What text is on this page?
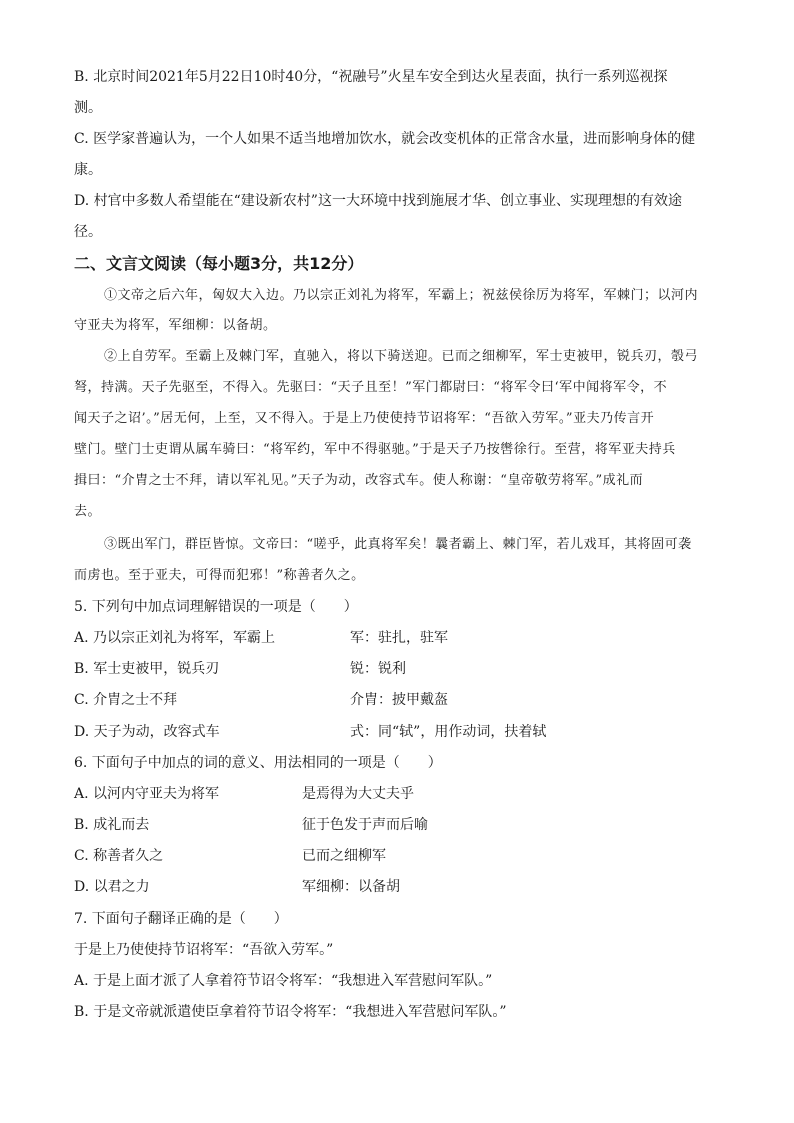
B. 北京时间2021年5月22日10时40分，“祝融号”火星车安全到达火星表面，执行一系列巡视探
测。
C. 医学家普遍认为，一个人如果不适当地增加饮水，就会改变机体的正常含水量，进而影响身体的健
康。
D. 村官中多数人希望能在“建设新农村”这一大环境中找到施展才华、创立事业、实现理想的有效途
径。
二、文言文阅读（每小题3分，共12分）
①文帝之后六年，匈奴大入边。乃以宗正刘礼为将军，军霸上；祝兹侯徐厉为将军，军棘门；以河内
守亚夫为将军，军细柳：以备胡。
②上自劳军。至霸上及棘门军，直驰入，将以下骑送迎。已而之细柳军，军士吏被甲，锐兵刃，彀弓
弩，持满。天子先驱至，不得入。先驱曰：“天子且至！”军门都尉曰：“将军令曰‘军中闻将军令，不
闻天子之诏’。”居无何，上至，又不得入。于是上乃使使持节诏将军：“吾欲入劳军。”亚夫乃传言开
壁门。壁门士吏谓从属车骑曰：“将军约，军中不得驱驰。”于是天子乃按辔徐行。至营，将军亚夫持兵
揖曰：“介胄之士不拜，请以军礼见。”天子为动，改容式车。使人称谢：“皇帝敬劳将军。”成礼而
去。
③既出军门，群臣皆惊。文帝曰：“嗟乎，此真将军矣！曩者霸上、棘门军，若儿戏耳，其将固可袭
而虏也。至于亚夫，可得而犯邪！”称善者久之。
5. 下列句中加点词理解错误的一项是（　　）
A. 乃以宗正刘礼为将军，军霸上	军：驻扎，驻军
B. 军士吏被甲，锐兵刃	锐：锐利
C. 介胄之士不拜	介胄：披甲戴盔
D. 天子为动，改容式车	式：同“轼”，用作动词，扶着轼
6. 下面句子中加点的词的意义、用法相同的一项是（　　）
A. 以河内守亚夫为将军	是焉得为大丈夫乎
B. 成礼而去	征于色发于声而后喻
C. 称善者久之	已而之细柳军
D. 以君之力	军细柳：以备胡
7. 下面句子翻译正确的是（　　）
于是上乃使使持节诏将军：“吾欲入劳军。”
A. 于是上面才派了人拿着符节诏令将军：“我想进入军营慰问军队。”
B. 于是文帝就派遣使臣拿着符节诏令将军：“我想进入军营慰问军队。”
